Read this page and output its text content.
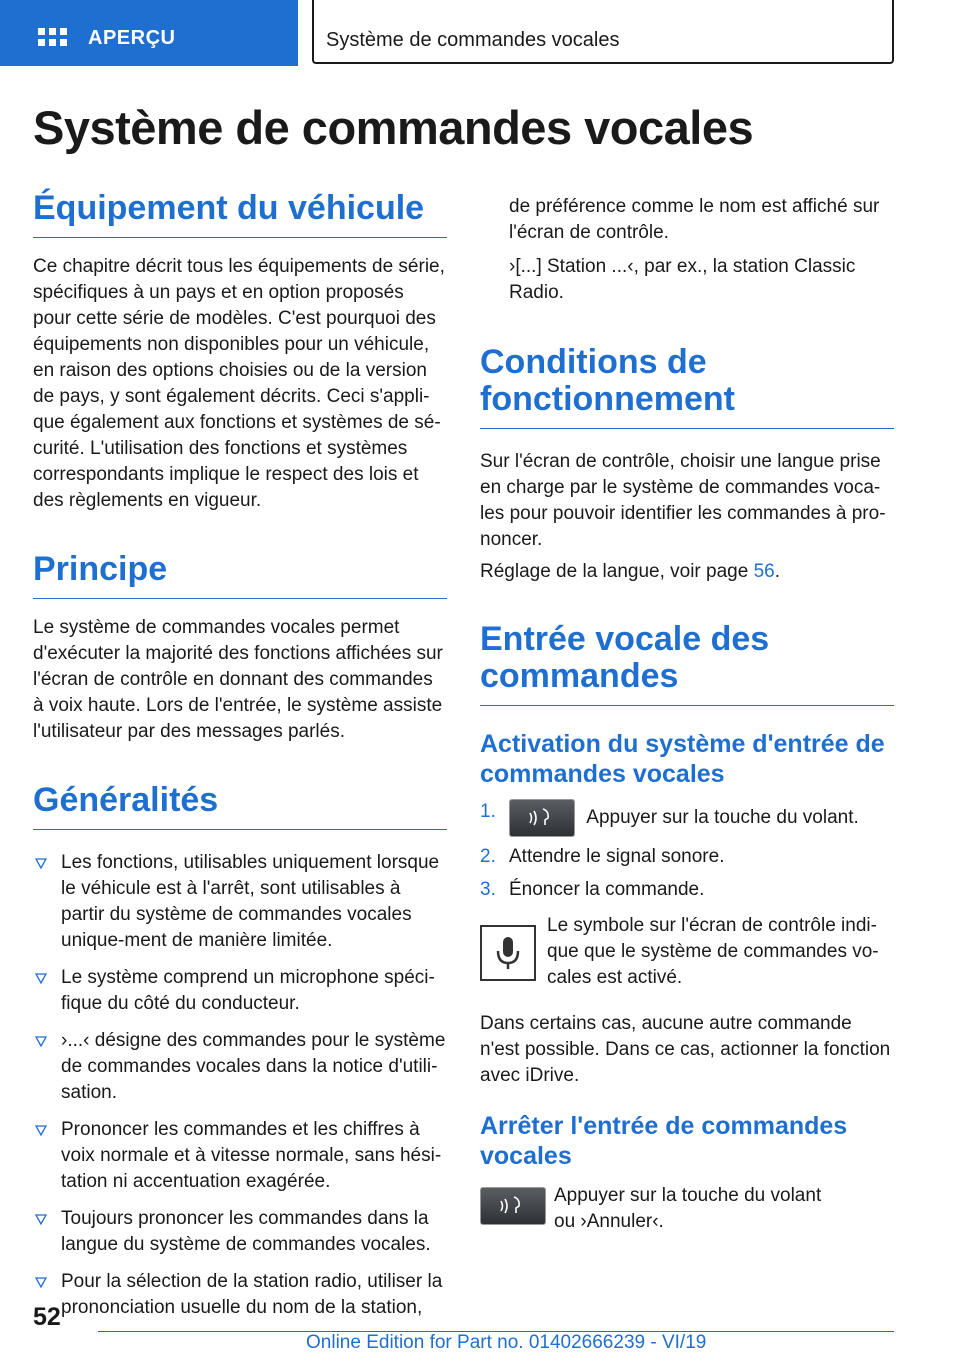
APERÇU	Système de commandes vocales
Système de commandes vocales
Équipement du véhicule

Ce chapitre décrit tous les équipements de série, spécifiques à un pays et en option proposés pour cette série de modèles. C'est pourquoi des équipements non disponibles pour un véhicule, en raison des options choisies ou de la version de pays, y sont également décrits. Ceci s'appli-que également aux fonctions et systèmes de sé-curité. L'utilisation des fonctions et systèmes correspondants implique le respect des lois et des règlements en vigueur.

Principe

Le système de commandes vocales permet d'exécuter la majorité des fonctions affichées sur l'écran de contrôle en donnant des commandes à voix haute. Lors de l'entrée, le système assiste l'utilisateur par des messages parlés.

Généralités
Les fonctions, utilisables uniquement lorsque le véhicule est à l'arrêt, sont utilisables à partir du système de commandes vocales unique-ment de manière limitée.
Le système comprend un microphone spéci-fique du côté du conducteur.
›...‹ désigne des commandes pour le système de commandes vocales dans la notice d'utili-sation.
Prononcer les commandes et les chiffres à voix normale et à vitesse normale, sans hési-tation ni accentuation exagérée.
Toujours prononcer les commandes dans la langue du système de commandes vocales.
Pour la sélection de la station radio, utiliser la prononciation usuelle du nom de la station,

de préférence comme le nom est affiché sur l'écran de contrôle.

›[...] Station ...‹, par ex., la station Classic Radio.

Conditions de fonctionnement

Sur l'écran de contrôle, choisir une langue prise en charge par le système de commandes voca-les pour pouvoir identifier les commandes à pro-noncer.

Réglage de la langue, voir page 56.

Entrée vocale des commandes
Activation du système d'entrée de commandes vocales
1.	Appuyer sur la touche du volant.
2. Attendre le signal sonore.
3. Énoncer la commande.

Le symbole sur l'écran de contrôle indi-que que le système de commandes vo-cales est activé.

Dans certains cas, aucune autre commande n'est possible. Dans ce cas, actionner la fonction avec iDrive.

Arrêter l'entrée de commandes vocales

Appuyer sur la touche du volant ou ›Annuler‹.

52
Online Edition for Part no. 01402666239 - VI/19
